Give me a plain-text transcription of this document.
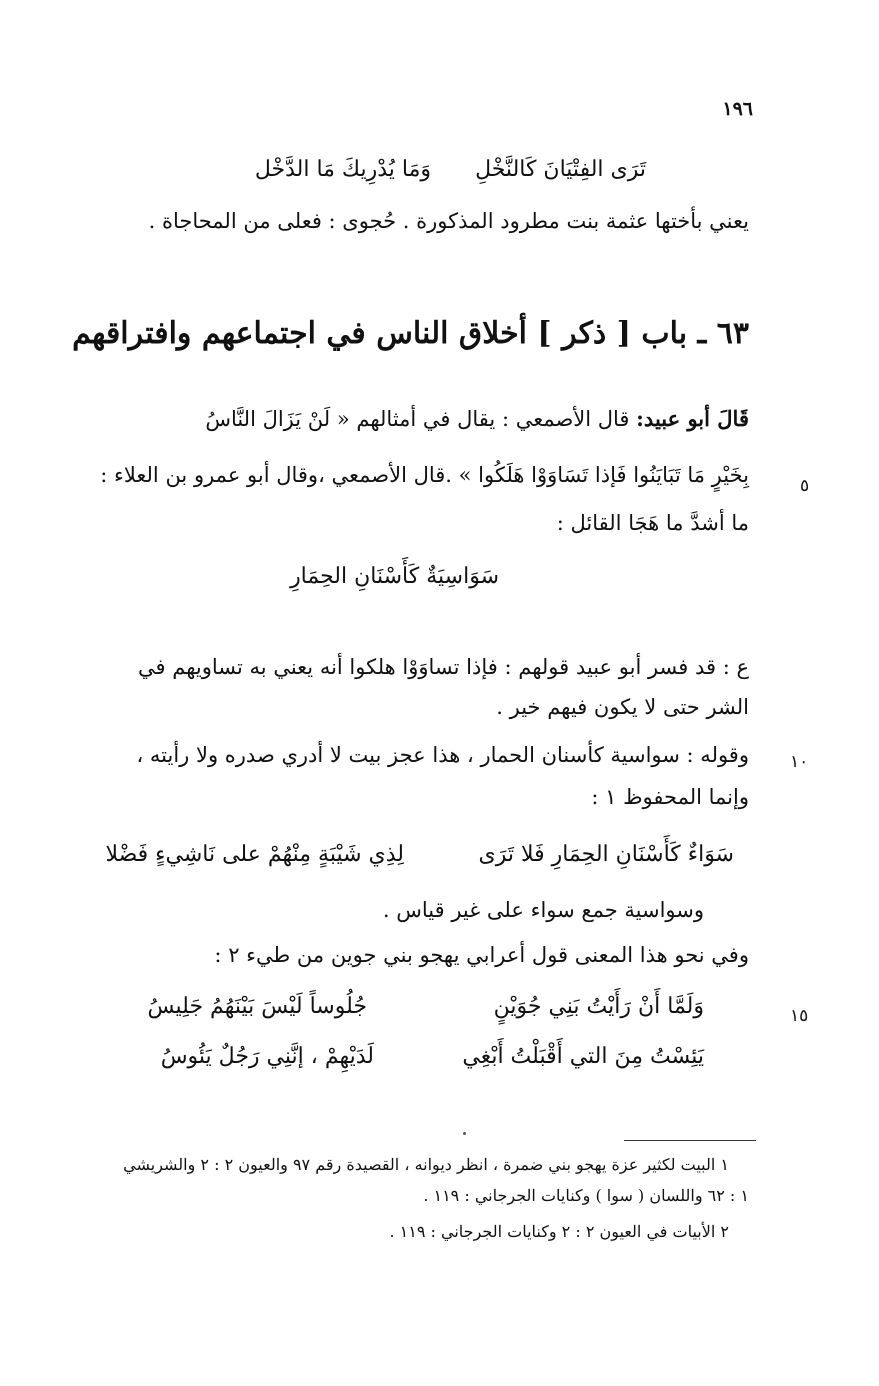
١٩٦
تَرَى الفِتْيَانَ كَالنَّخْلِ
وَمَا يُدْرِيكَ مَا الدَّخْل
يعني بأختها عثمة بنت مطرود المذكورة . حُجوى : فعلى من المحاجاة .
٦٣ ـ باب [ ذكر ] أخلاق الناس في اجتماعهم وافتراقهم
قَالَ أبو عبيد: قال الأصمعي : يقال في أمثالهم « لَنْ يَزَالَ النَّاسُ
٥
بِخَيْرٍ مَا تَبَايَنُوا فَإذا تَسَاوَوْا هَلَكُوا » .قال الأصمعي ،وقال أبو عمرو بن العلاء :
ما أشدَّ ما هَجَا القائل :
سَوَاسِيَةٌ كَأَسْنَانِ الحِمَارِ
ع : قد فسر أبو عبيد قولهم : فإذا تساوَوْا هلكوا أنه يعني به تساويهم في
الشر حتى لا يكون فيهم خير .
١٠
وقوله : سواسية كأسنان الحمار ، هذا عجز بيت لا أدري صدره ولا رأيته ،
وإنما المحفوظ ١ :
سَوَاءٌ كَأَسْنَانِ الحِمَارِ فَلا تَرَى
لِذِي شَيْبَةٍ مِنْهُمْ على نَاشِيءٍ فَضْلا
وسواسية جمع سواء على غير قياس .
وفي نحو هذا المعنى قول أعرابي يهجو بني جوين من طيء ٢ :
١٥
وَلَمَّا أَنْ رَأَيْتُ بَنِي جُوَيْنٍ
جُلُوساً لَيْسَ بَيْنَهُمُ جَلِيسُ
يَئِسْتُ مِنَ التي أَقْبَلْتُ أَبْغِي
لَدَيْهِمْ ، إنَّنِي رَجُلٌ يَئُوسُ
١ البيت لكثير عزة يهجو بني ضمرة ، انظر ديوانه ، القصيدة رقم ٩٧ والعيون ٢ : ٢ والشريشي
١ : ٦٢ واللسان ( سوا ) وكنايات الجرجاني : ١١٩ .
٢ الأبيات في العيون ٢ : ٢ وكنايات الجرجاني : ١١٩ .
